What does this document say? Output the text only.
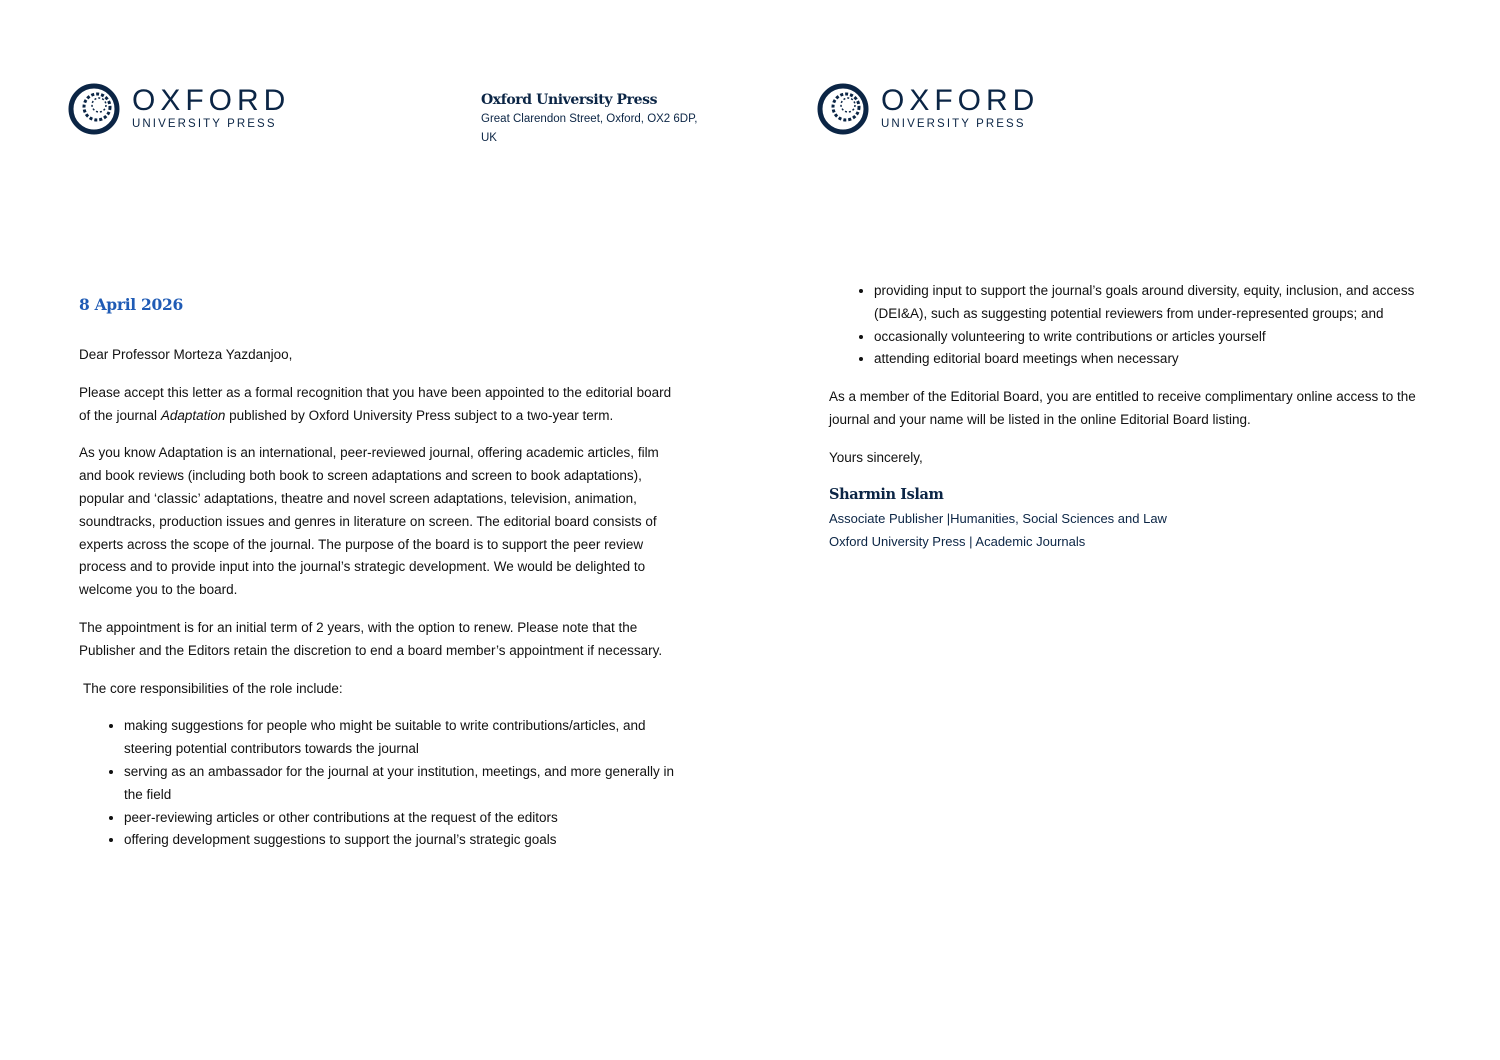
OXFORD
UNIVERSITY PRESS
Oxford University Press
Great Clarendon Street, Oxford, OX2 6DP,
UK
OXFORD
UNIVERSITY PRESS
8 April 2026

Dear Professor Morteza Yazdanjoo,

Please accept this letter as a formal recognition that you have been appointed to the editorial board of the journal Adaptation published by Oxford University Press subject to a two-year term.

As you know Adaptation is an international, peer-reviewed journal, offering academic articles, film and book reviews (including both book to screen adaptations and screen to book adaptations), popular and ‘classic’ adaptations, theatre and novel screen adaptations, television, animation, soundtracks, production issues and genres in literature on screen. The editorial board consists of experts across the scope of the journal. The purpose of the board is to support the peer review process and to provide input into the journal’s strategic development. We would be delighted to welcome you to the board.

The appointment is for an initial term of 2 years, with the option to renew. Please note that the Publisher and the Editors retain the discretion to end a board member’s appointment if necessary.

The core responsibilities of the role include:

• making suggestions for people who might be suitable to write contributions/articles, and steering potential contributors towards the journal
• serving as an ambassador for the journal at your institution, meetings, and more generally in the field
• peer-reviewing articles or other contributions at the request of the editors
• offering development suggestions to support the journal’s strategic goals
• providing input to support the journal’s goals around diversity, equity, inclusion, and access (DEI&A), such as suggesting potential reviewers from under-represented groups; and
• occasionally volunteering to write contributions or articles yourself
• attending editorial board meetings when necessary

As a member of the Editorial Board, you are entitled to receive complimentary online access to the journal and your name will be listed in the online Editorial Board listing.

Yours sincerely,

Sharmin Islam
Associate Publisher |Humanities, Social Sciences and Law
Oxford University Press | Academic Journals
